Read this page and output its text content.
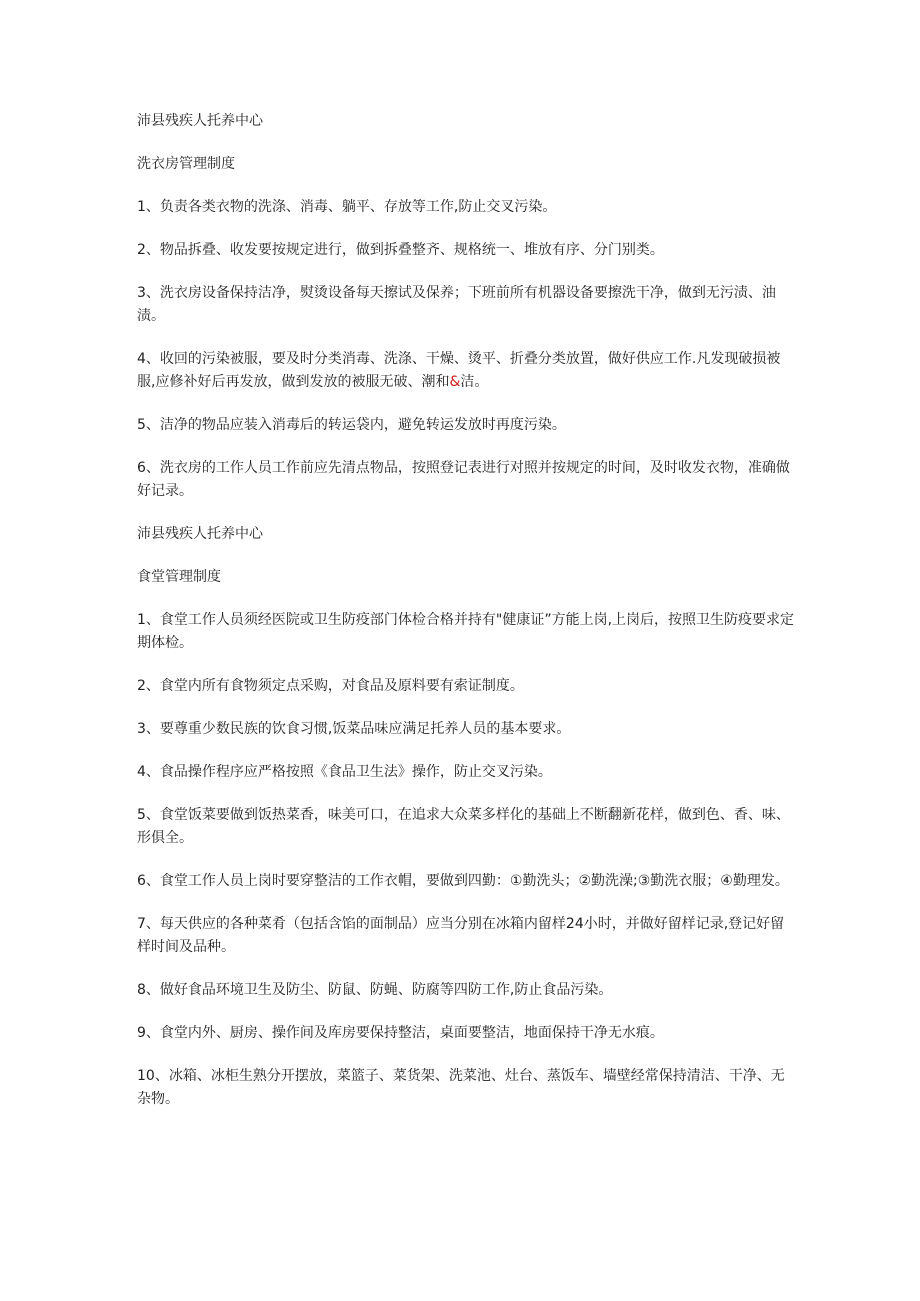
沛县残疾人托养中心

洗衣房管理制度

1、负责各类衣物的洗涤、消毒、躺平、存放等工作,防止交叉污染。

2、物品拆叠、收发要按规定进行，做到拆叠整齐、规格统一、堆放有序、分门别类。

3、洗衣房设备保持洁净，熨烫设备每天擦试及保养；下班前所有机器设备要擦洗干净，做到无污渍、油渍。

4、收回的污染被服，要及时分类消毒、洗涤、干燥、烫平、折叠分类放置，做好供应工作.凡发现破损被服,应修补好后再发放，做到发放的被服无破、潮和&洁。

5、洁净的物品应装入消毒后的转运袋内，避免转运发放时再度污染。

6、洗衣房的工作人员工作前应先清点物品，按照登记表进行对照并按规定的时间，及时收发衣物，准确做好记录。

沛县残疾人托养中心

食堂管理制度

1、食堂工作人员须经医院或卫生防疫部门体检合格并持有"健康证”方能上岗,上岗后，按照卫生防疫要求定期体检。

2、食堂内所有食物须定点采购，对食品及原料要有索证制度。

3、要尊重少数民族的饮食习惯,饭菜品味应满足托养人员的基本要求。

4、食品操作程序应严格按照《食品卫生法》操作，防止交叉污染。

5、食堂饭菜要做到饭热菜香，味美可口，在追求大众菜多样化的基础上不断翻新花样，做到色、香、味、形俱全。

6、食堂工作人员上岗时要穿整洁的工作衣帽，要做到四勤：①勤洗头；②勤洗澡;③勤洗衣服；④勤理发。

7、每天供应的各种菜肴（包括含馅的面制品）应当分别在冰箱内留样24小时，并做好留样记录,登记好留样时间及品种。

8、做好食品环境卫生及防尘、防鼠、防蝇、防腐等四防工作,防止食品污染。

9、食堂内外、厨房、操作间及库房要保持整洁，桌面要整洁，地面保持干净无水痕。

10、冰箱、冰柜生熟分开摆放，菜篮子、菜货架、洗菜池、灶台、蒸饭车、墙壁经常保持清洁、干净、无杂物。
